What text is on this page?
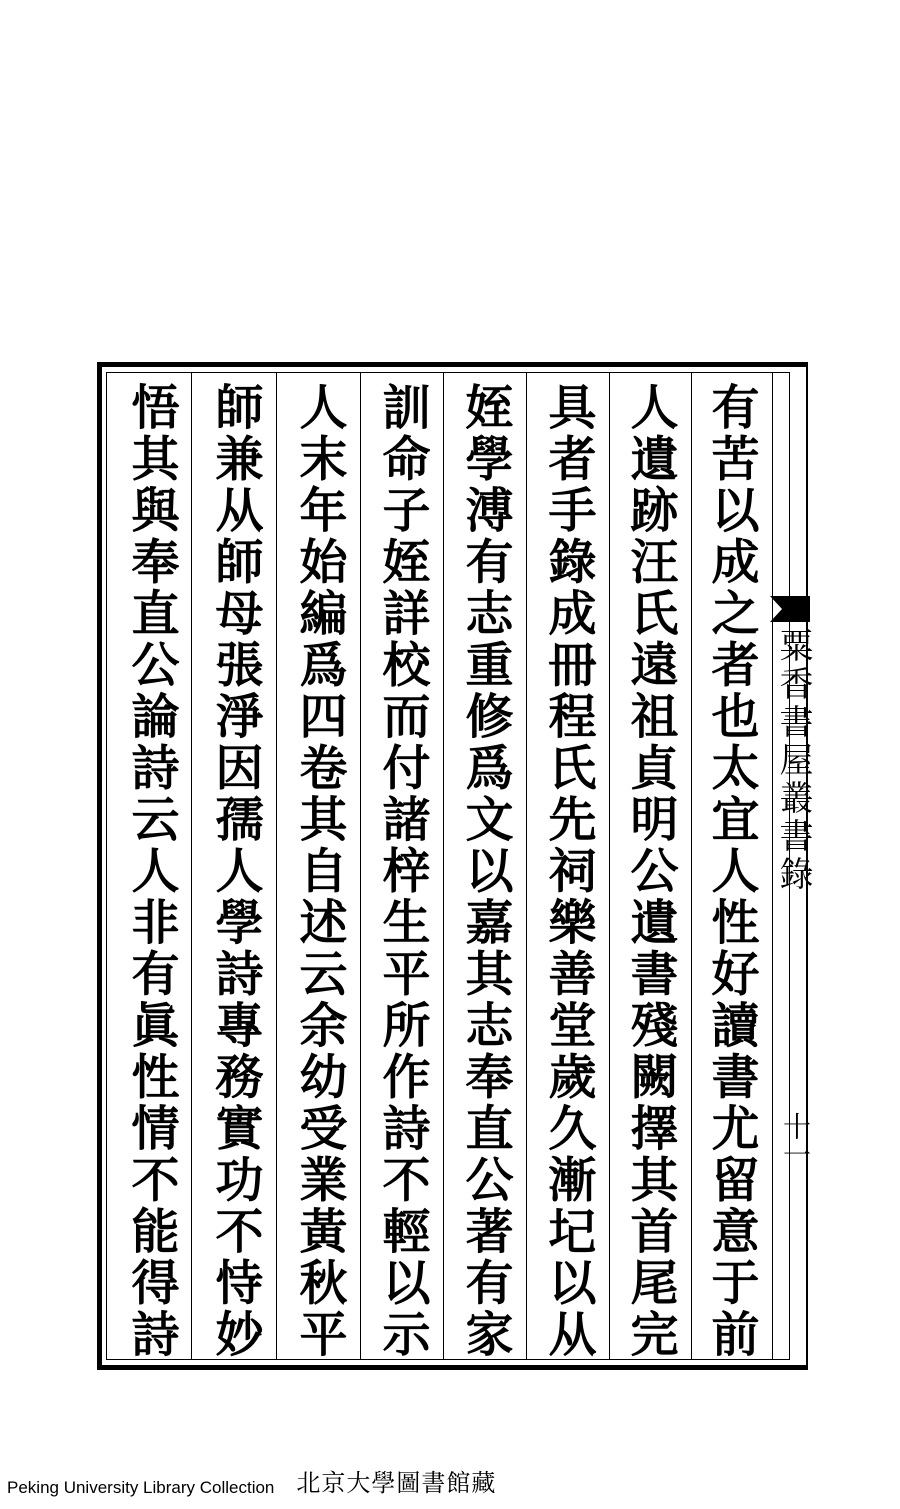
有苦以成之者也太宜人性好讀書尤留意于前
人遺跡汪氏遠祖貞明公遺書殘闕擇其首尾完
具者手錄成冊程氏先祠樂善堂歲久漸圮以从
姪學溥有志重修爲文以嘉其志奉直公著有家
訓命子姪詳校而付諸梓生平所作詩不輕以示
人末年始編爲四卷其自述云余幼受業黃秋平
師兼从師母張淨因孺人學詩專務實功不恃妙
悟其與奉直公論詩云人非有眞性情不能得詩	粟香書屋叢書錄
十一
Peking University Library Collection 北京大學圖書館藏
